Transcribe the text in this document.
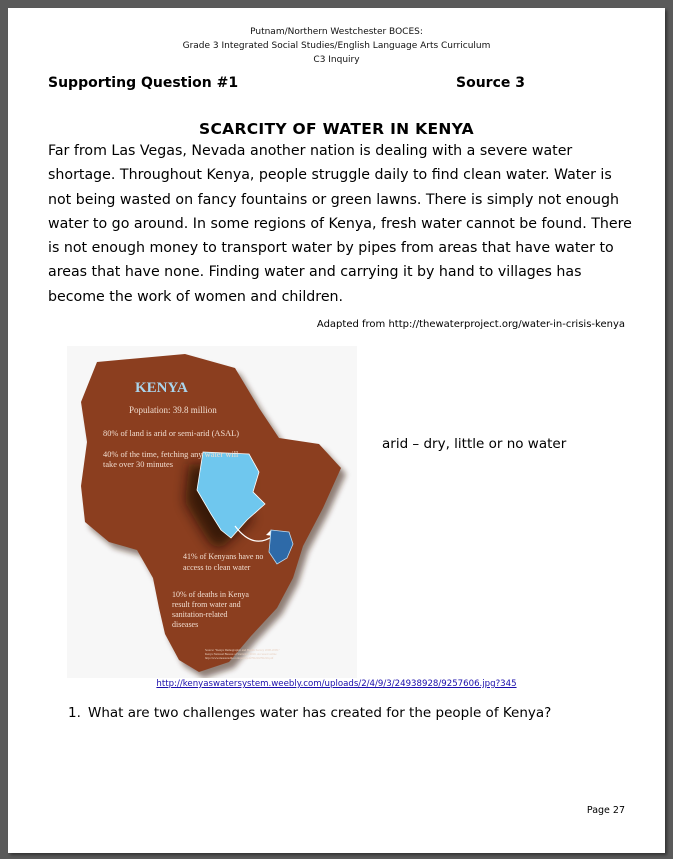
Putnam/Northern Westchester BOCES:
Grade 3 Integrated Social Studies/English Language Arts Curriculum
C3 Inquiry
Supporting Question #1	Source 3
SCARCITY OF WATER IN KENYA
Far from Las Vegas, Nevada another nation is dealing with a severe water shortage. Throughout Kenya, people struggle daily to find clean water. Water is not being wasted on fancy fountains or green lawns. There is simply not enough water to go around. In some regions of Kenya, fresh water cannot be found. There is not enough money to transport water by pipes from areas that have water to areas that have none. Finding water and carrying it by hand to villages has become the work of women and children.
Adapted from http://thewaterproject.org/water-in-crisis-kenya
KENYA
Population: 39.8 million
80% of land is arid or semi-arid (ASAL)
40% of the time, fetching any water will
take over 30 minutes
41% of Kenyans have no
access to clean water
10% of deaths in Kenya
result from water and
sanitation-related
diseases
Source: "Kenya Demographic and Health Survey 2008-2009."
Kenya National Bureau of Statistics. 2010. Accessed online
http://www.measuredhs.com/pubs/pdf/FR229/FR229.pdf
arid – dry, little or no water
http://kenyaswatersystem.weebly.com/uploads/2/4/9/3/24938928/9257606.jpg?345
1. What are two challenges water has created for the people of Kenya?
Page 27
